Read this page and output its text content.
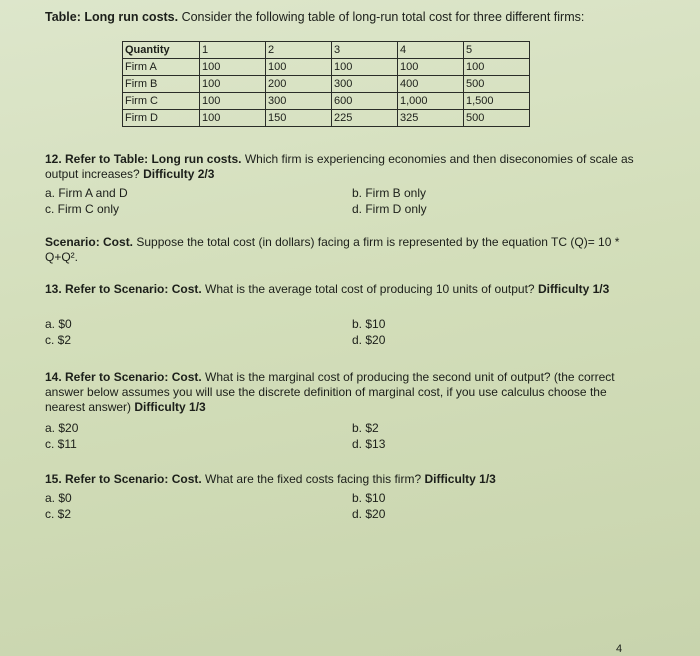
Table: Long run costs. Consider the following table of long-run total cost for three different firms:
Quantity	1	2	3	4	5
Firm A	100	100	100	100	100
Firm B	100	200	300	400	500
Firm C	100	300	600	1,000	1,500
Firm D	100	150	225	325	500
12. Refer to Table: Long run costs. Which firm is experiencing economies and then diseconomies of scale as output increases? Difficulty 2/3
a. Firm A and D	b. Firm B only
c. Firm C only	d. Firm D only
Scenario: Cost. Suppose the total cost (in dollars) facing a firm is represented by the equation TC (Q)= 10 * Q+Q².
13. Refer to Scenario: Cost. What is the average total cost of producing 10 units of output? Difficulty 1/3
a. $0	b. $10
c. $2	d. $20
14. Refer to Scenario: Cost. What is the marginal cost of producing the second unit of output? (the correct answer below assumes you will use the discrete definition of marginal cost, if you use calculus choose the nearest answer) Difficulty 1/3
a. $20	b. $2
c. $11	d. $13
15. Refer to Scenario: Cost. What are the fixed costs facing this firm? Difficulty 1/3
a. $0	b. $10
c. $2	d. $20
4
